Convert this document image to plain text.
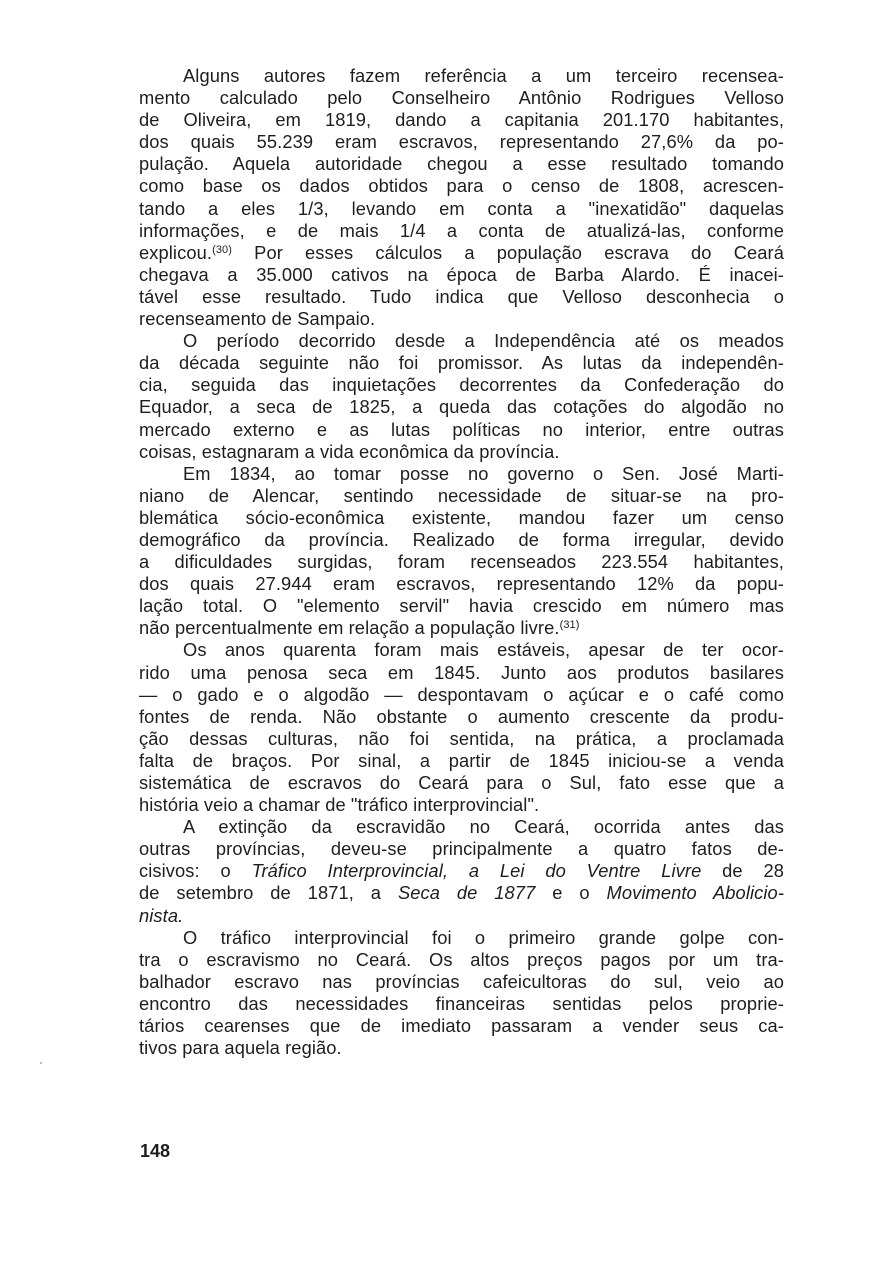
Alguns autores fazem referência a um terceiro recensea-
mento calculado pelo Conselheiro Antônio Rodrigues Velloso
de Oliveira, em 1819, dando a capitania 201.170 habitantes,
dos quais 55.239 eram escravos, representando 27,6% da po-
pulação. Aquela autoridade chegou a esse resultado tomando
como base os dados obtidos para o censo de 1808, acrescen-
tando a eles 1/3, levando em conta a "inexatidão" daquelas
informações, e de mais 1/4 a conta de atualizá-las, conforme
explicou.$^{(30)}$ Por esses cálculos a população escrava do Ceará
chegava a 35.000 cativos na época de Barba Alardo. É inacei-
tável esse resultado. Tudo indica que Velloso desconhecia o
recenseamento de Sampaio.
O período decorrido desde a Independência até os meados
da década seguinte não foi promissor. As lutas da independên-
cia, seguida das inquietações decorrentes da Confederação do
Equador, a seca de 1825, a queda das cotações do algodão no
mercado externo e as lutas políticas no interior, entre outras
coisas, estagnaram a vida econômica da província.
Em 1834, ao tomar posse no governo o Sen. José Marti-
niano de Alencar, sentindo necessidade de situar-se na pro-
blemática sócio-econômica existente, mandou fazer um censo
demográfico da província. Realizado de forma irregular, devido
a dificuldades surgidas, foram recenseados 223.554 habitantes,
dos quais 27.944 eram escravos, representando 12% da popu-
lação total. O "elemento servil" havia crescido em número mas
não percentualmente em relação a população livre.$^{(31)}$
Os anos quarenta foram mais estáveis, apesar de ter ocor-
rido uma penosa seca em 1845. Junto aos produtos basilares
— o gado e o algodão — despontavam o açúcar e o café como
fontes de renda. Não obstante o aumento crescente da produ-
ção dessas culturas, não foi sentida, na prática, a proclamada
falta de braços. Por sinal, a partir de 1845 iniciou-se a venda
sistemática de escravos do Ceará para o Sul, fato esse que a
história veio a chamar de "tráfico interprovincial".
A extinção da escravidão no Ceará, ocorrida antes das
outras províncias, deveu-se principalmente a quatro fatos de-
cisivos: o Tráfico Interprovincial, a Lei do Ventre Livre de 28
de setembro de 1871, a Seca de 1877 e o Movimento Abolicio-
nista.
O tráfico interprovincial foi o primeiro grande golpe con-
tra o escravismo no Ceará. Os altos preços pagos por um tra-
balhador escravo nas províncias cafeicultoras do sul, veio ao
encontro das necessidades financeiras sentidas pelos proprie-
tários cearenses que de imediato passaram a vender seus ca-
tivos para aquela região.
148
